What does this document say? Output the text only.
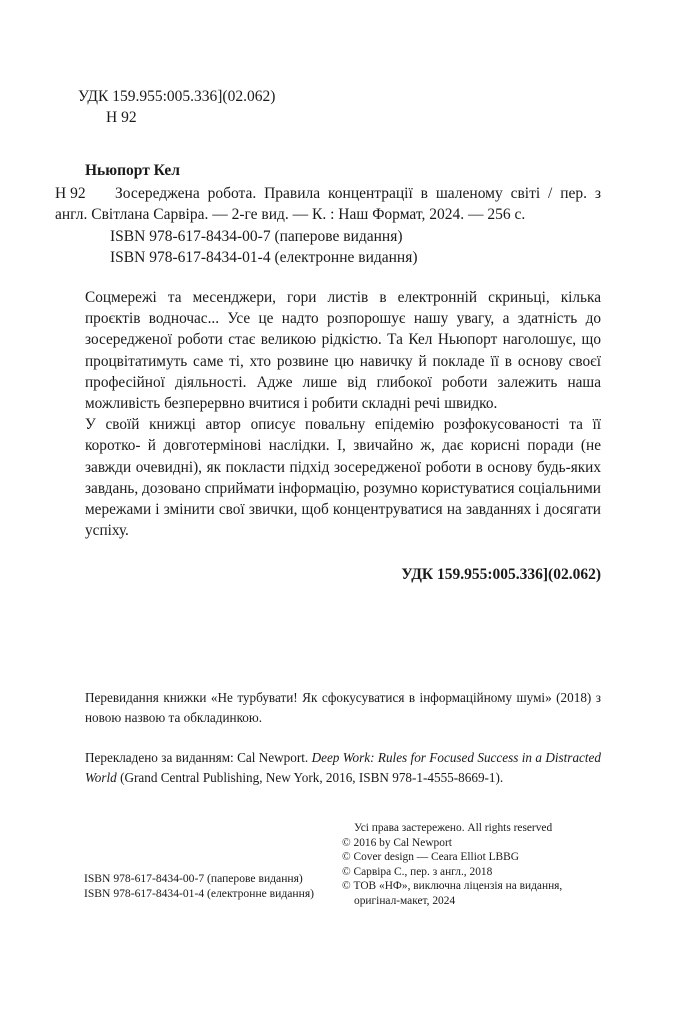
УДК 159.955:005.336](02.062)
Н 92
Ньюпорт Кел
Н 92	Зосереджена робота. Правила концентрації в шаленому світі / пер. з англ. Світлана Сарвіра. — 2-ге вид. — К. : Наш Формат, 2024. — 256 с.
ISBN 978-617-8434-00-7 (паперове видання)
ISBN 978-617-8434-01-4 (електронне видання)

Соцмережі та месенджери, гори листів в електронній скриньці, кілька проєктів водночас... Усе це надто розпорошує нашу увагу, а здатність до зосередженої роботи стає великою рідкістю. Та Кел Ньюпорт наголошує, що процвітатимуть саме ті, хто розвине цю навичку й покладе її в основу своєї професійної діяльності. Адже лише від глибокої роботи залежить наша можливість безперервно вчитися і робити складні речі швидко.

У своїй книжці автор описує повальну епідемію розфокусованості та її коротко- й довготермінові наслідки. І, звичайно ж, дає корисні поради (не завжди очевидні), як покласти підхід зосередженої роботи в основу будь-яких завдань, дозовано сприймати інформацію, розумно користуватися соціальними мережами і змінити свої звички, щоб концентруватися на завданнях і досягати успіху.

УДК 159.955:005.336](02.062)
Перевидання книжки «Не турбувати! Як сфокусуватися в інформаційному шумі» (2018) з новою назвою та обкладинкою.
Перекладено за виданням: Cal Newport. Deep Work: Rules for Focused Success in a Distracted World (Grand Central Publishing, New York, 2016, ISBN 978-1-4555-8669-1).
Усі права застережено. All rights reserved
© 2016 by Cal Newport
© Cover design — Ceara Elliot LBBG
© Сарвіра С., пер. з англ., 2018
© ТОВ «НФ», виключна ліцензія на видання,
оригінал-макет, 2024
ISBN 978-617-8434-00-7 (паперове видання)
ISBN 978-617-8434-01-4 (електронне видання)
